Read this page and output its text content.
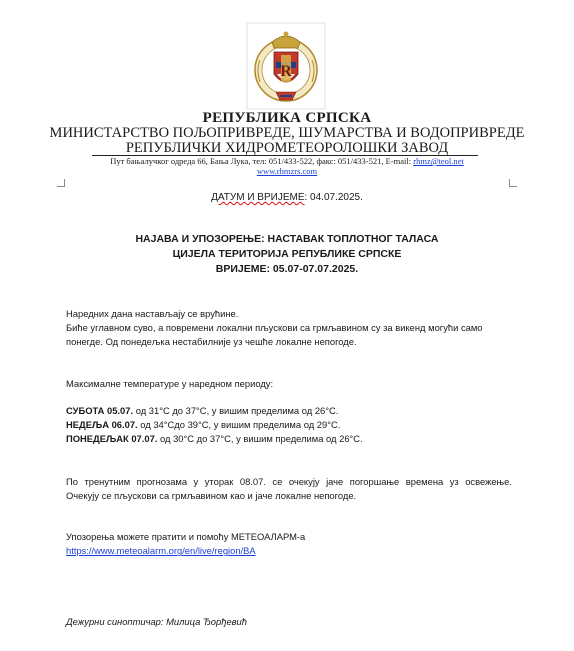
R
РЕПУБЛИКА СРПСКА
МИНИСТАРСТВО ПОЉОПРИВРЕДЕ, ШУМАРСТВА И ВОДОПРИВРЕДЕ
РЕПУБЛИЧКИ ХИДРОМЕТЕОРОЛОШКИ ЗАВОД
Пут бањалучког одреда 66, Бања Лука, тел: 051/433-522, факс: 051/433-521, E-mail: rhmz@teol.net
www.rhmzrs.com
ДАТУМ И ВРИЈЕМЕ: 04.07.2025.
НАЈАВА И УПОЗОРЕЊЕ: НАСТАВАК ТОПЛОТНОГ ТАЛАСА
ЦИЈЕЛА ТЕРИТОРИЈА РЕПУБЛИКЕ СРПСКЕ
ВРИЈЕМЕ: 05.07-07.07.2025.
Наредних дана настављају се врућине.
Биће углавном суво, а повремени локални пљускови са грмљавином су за викенд могући само
понегде. Од понедељка нестабилније уз чешће локалне непогоде.
Максималне температуре у наредном периоду:
СУБОТА 05.07. од 31°С до 37°С, у вишим пределима од 26°С.
НЕДЕЉА 06.07. од 34°Сдо 39°С, у вишим пределима од 29°С.
ПОНЕДЕЉАК 07.07. од 30°С до 37°С, у вишим пределима од 26°С.
По тренутним прогнозама у уторак 08.07. се очекују јаче погоршање времена уз освежење.
Очекују се пљускови са грмљавином као и јаче локалне непогоде.
Упозорења можете пратити и помоћу МЕТЕОАЛАРМ-а
https://www.meteoalarm.org/en/live/region/BA
Дежурни синоптичар: Милица Ђорђевић
